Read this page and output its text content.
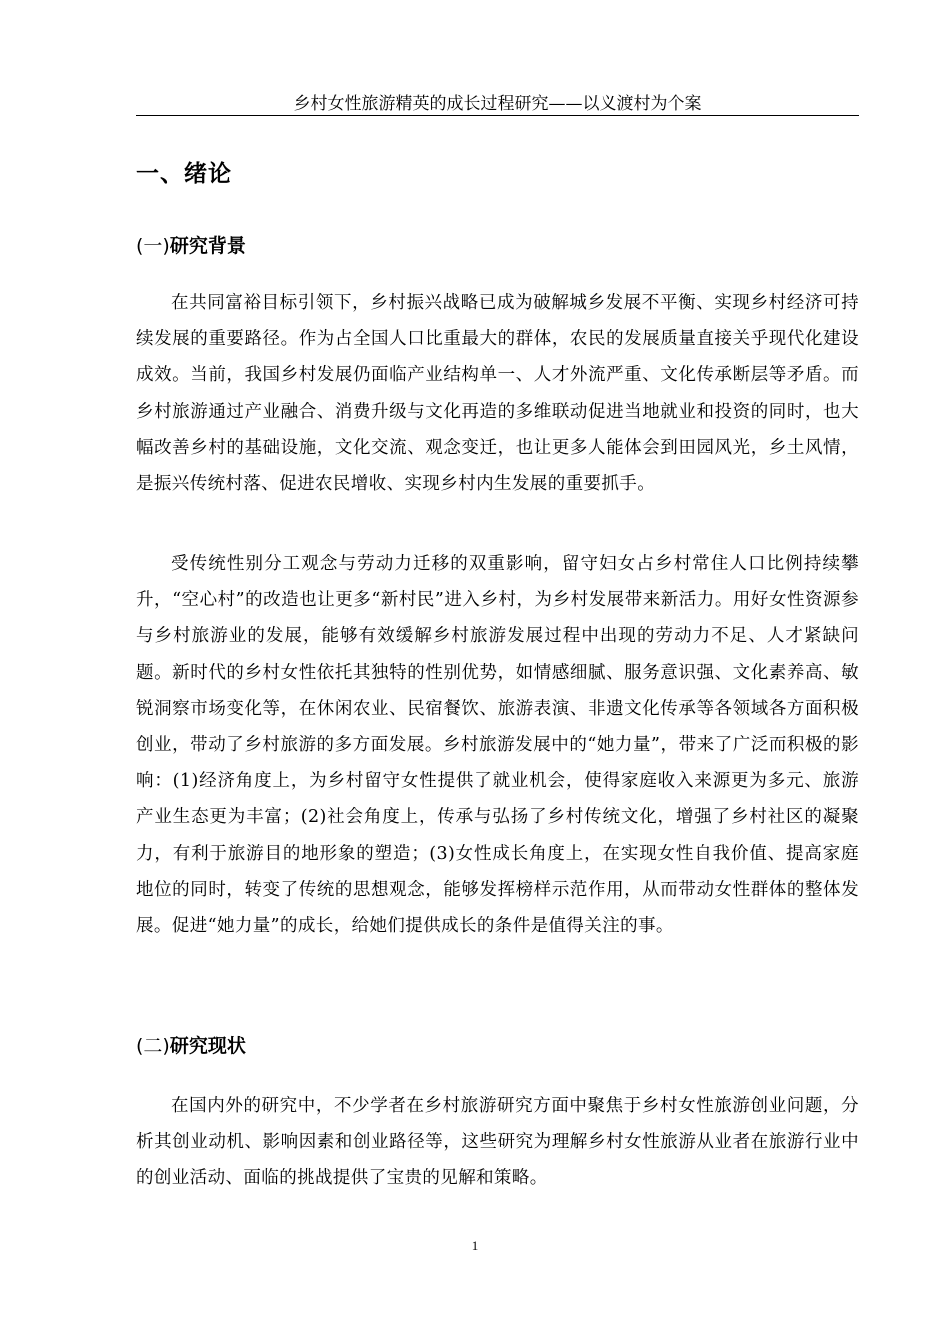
乡村女性旅游精英的成长过程研究——以义渡村为个案
一、绪论
(一)研究背景

在共同富裕目标引领下，乡村振兴战略已成为破解城乡发展不平衡、实现乡村经济可持续发展的重要路径。作为占全国人口比重最大的群体，农民的发展质量直接关乎现代化建设成效。当前，我国乡村发展仍面临产业结构单一、人才外流严重、文化传承断层等矛盾。而乡村旅游通过产业融合、消费升级与文化再造的多维联动促进当地就业和投资的同时，也大幅改善乡村的基础设施，文化交流、观念变迁，也让更多人能体会到田园风光，乡土风情，是振兴传统村落、促进农民增收、实现乡村内生发展的重要抓手。

受传统性别分工观念与劳动力迁移的双重影响，留守妇女占乡村常住人口比例持续攀升，“空心村”的改造也让更多“新村民”进入乡村，为乡村发展带来新活力。用好女性资源参与乡村旅游业的发展，能够有效缓解乡村旅游发展过程中出现的劳动力不足、人才紧缺问题。新时代的乡村女性依托其独特的性别优势，如情感细腻、服务意识强、文化素养高、敏锐洞察市场变化等，在休闲农业、民宿餐饮、旅游表演、非遗文化传承等各领域各方面积极创业，带动了乡村旅游的多方面发展。乡村旅游发展中的“她力量”，带来了广泛而积极的影响：(1)经济角度上，为乡村留守女性提供了就业机会，使得家庭收入来源更为多元、旅游产业生态更为丰富；(2)社会角度上，传承与弘扬了乡村传统文化，增强了乡村社区的凝聚力，有利于旅游目的地形象的塑造；(3)女性成长角度上，在实现女性自我价值、提高家庭地位的同时，转变了传统的思想观念，能够发挥榜样示范作用，从而带动女性群体的整体发展。促进“她力量”的成长，给她们提供成长的条件是值得关注的事。

(二)研究现状

在国内外的研究中，不少学者在乡村旅游研究方面中聚焦于乡村女性旅游创业问题，分析其创业动机、影响因素和创业路径等，这些研究为理解乡村女性旅游从业者在旅游行业中的创业活动、面临的挑战提供了宝贵的见解和策略。

1
